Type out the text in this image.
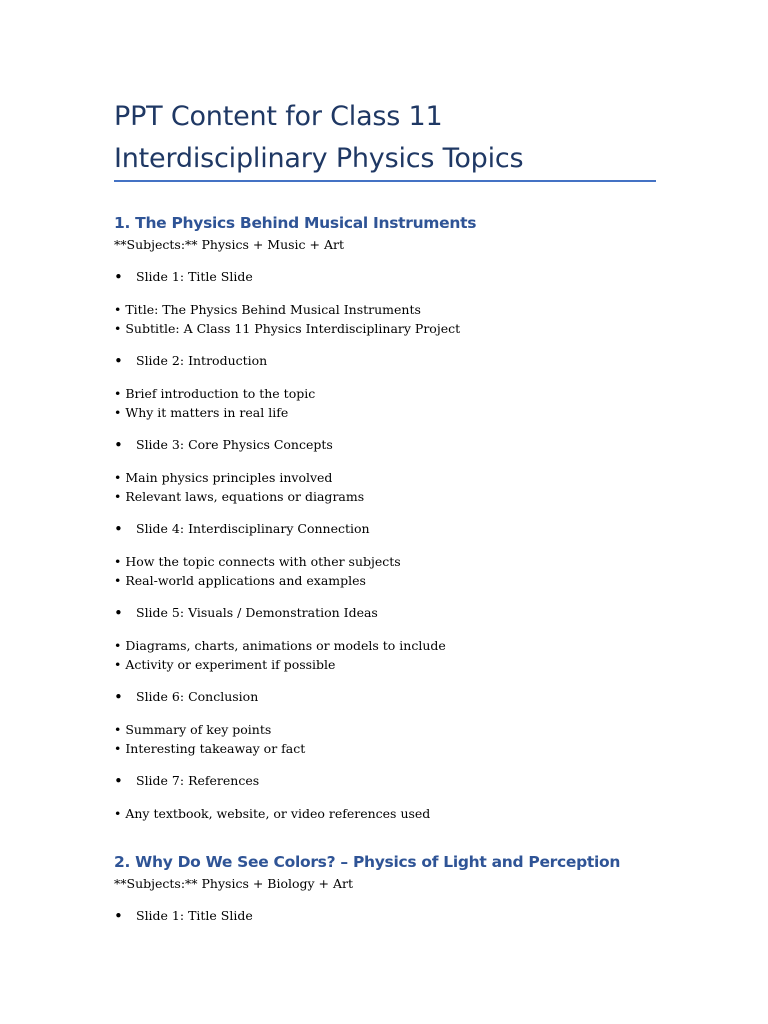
PPT Content for Class 11
Interdisciplinary Physics Topics
1. The Physics Behind Musical Instruments
**Subjects:** Physics + Music + Art
• Slide 1: Title Slide
• Title: The Physics Behind Musical Instruments
• Subtitle: A Class 11 Physics Interdisciplinary Project
• Slide 2: Introduction
• Brief introduction to the topic
• Why it matters in real life
• Slide 3: Core Physics Concepts
• Main physics principles involved
• Relevant laws, equations or diagrams
• Slide 4: Interdisciplinary Connection
• How the topic connects with other subjects
• Real-world applications and examples
• Slide 5: Visuals / Demonstration Ideas
• Diagrams, charts, animations or models to include
• Activity or experiment if possible
• Slide 6: Conclusion
• Summary of key points
• Interesting takeaway or fact
• Slide 7: References
• Any textbook, website, or video references used
2. Why Do We See Colors? – Physics of Light and Perception
**Subjects:** Physics + Biology + Art
• Slide 1: Title Slide
